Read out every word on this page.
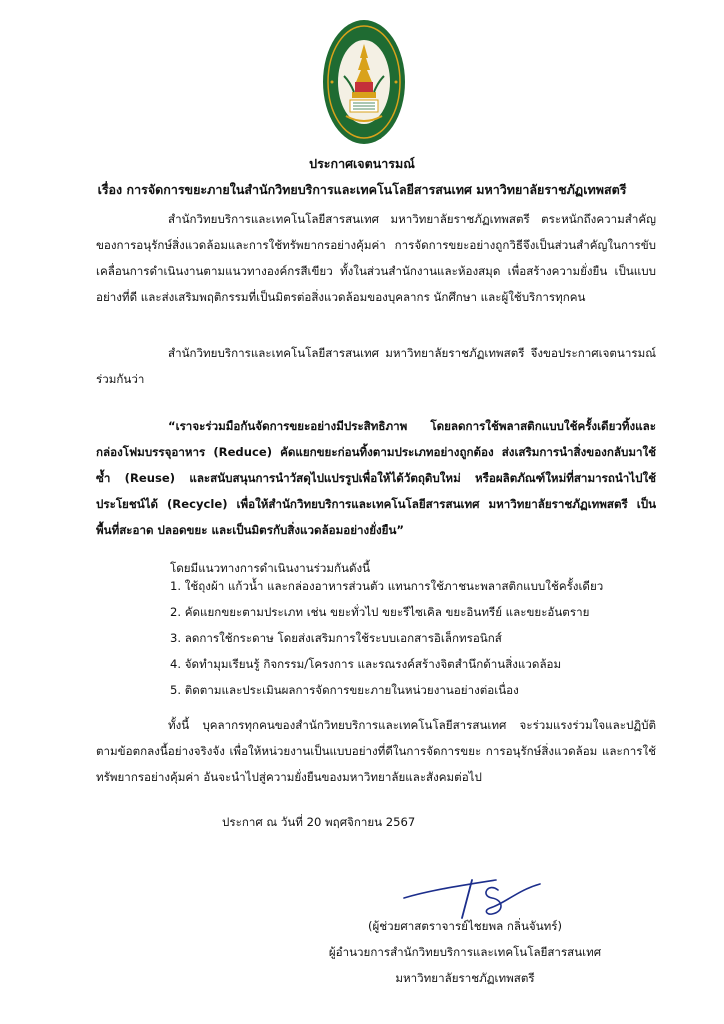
ประกาศเจตนารมณ์
เรื่อง การจัดการขยะภายในสำนักวิทยบริการและเทคโนโลยีสารสนเทศ มหาวิทยาลัยราชภัฏเทพสตรี
สำนักวิทยบริการและเทคโนโลยีสารสนเทศ มหาวิทยาลัยราชภัฏเทพสตรี ตระหนักถึงความสำคัญของการอนุรักษ์สิ่งแวดล้อมและการใช้ทรัพยากรอย่างคุ้มค่า การจัดการขยะอย่างถูกวิธีจึงเป็นส่วนสำคัญในการขับเคลื่อนการดำเนินงานตามแนวทางองค์กรสีเขียว ทั้งในส่วนสำนักงานและห้องสมุด เพื่อสร้างความยั่งยืน เป็นแบบอย่างที่ดี และส่งเสริมพฤติกรรมที่เป็นมิตรต่อสิ่งแวดล้อมของบุคลากร นักศึกษา และผู้ใช้บริการทุกคน
สำนักวิทยบริการและเทคโนโลยีสารสนเทศ มหาวิทยาลัยราชภัฏเทพสตรี จึงขอประกาศเจตนารมณ์ร่วมกันว่า
“เราจะร่วมมือกันจัดการขยะอย่างมีประสิทธิภาพ โดยลดการใช้พลาสติกแบบใช้ครั้งเดียวทิ้งและกล่องโฟมบรรจุอาหาร (Reduce) คัดแยกขยะก่อนทิ้งตามประเภทอย่างถูกต้อง ส่งเสริมการนำสิ่งของกลับมาใช้ซ้ำ (Reuse) และสนับสนุนการนำวัสดุไปแปรรูปเพื่อให้ได้วัตถุดิบใหม่ หรือผลิตภัณฑ์ใหม่ที่สามารถนำไปใช้ประโยชน์ได้ (Recycle) เพื่อให้สำนักวิทยบริการและเทคโนโลยีสารสนเทศ มหาวิทยาลัยราชภัฏเทพสตรี เป็นพื้นที่สะอาด ปลอดขยะ และเป็นมิตรกับสิ่งแวดล้อมอย่างยั่งยืน”
โดยมีแนวทางการดำเนินงานร่วมกันดังนี้
1. ใช้ถุงผ้า แก้วน้ำ และกล่องอาหารส่วนตัว แทนการใช้ภาชนะพลาสติกแบบใช้ครั้งเดียว
2. คัดแยกขยะตามประเภท เช่น ขยะทั่วไป ขยะรีไซเคิล ขยะอินทรีย์ และขยะอันตราย
3. ลดการใช้กระดาษ โดยส่งเสริมการใช้ระบบเอกสารอิเล็กทรอนิกส์
4. จัดทำมุมเรียนรู้ กิจกรรม/โครงการ และรณรงค์สร้างจิตสำนึกด้านสิ่งแวดล้อม
5. ติดตามและประเมินผลการจัดการขยะภายในหน่วยงานอย่างต่อเนื่อง
ทั้งนี้ บุคลากรทุกคนของสำนักวิทยบริการและเทคโนโลยีสารสนเทศ จะร่วมแรงร่วมใจและปฏิบัติตามข้อตกลงนี้อย่างจริงจัง เพื่อให้หน่วยงานเป็นแบบอย่างที่ดีในการจัดการขยะ การอนุรักษ์สิ่งแวดล้อม และการใช้ทรัพยากรอย่างคุ้มค่า อันจะนำไปสู่ความยั่งยืนของมหาวิทยาลัยและสังคมต่อไป
ประกาศ ณ วันที่ 20 พฤศจิกายน 2567
(ผู้ช่วยศาสตราจารย์ไชยพล กลิ่นจันทร์)
ผู้อำนวยการสำนักวิทยบริการและเทคโนโลยีสารสนเทศ
มหาวิทยาลัยราชภัฏเทพสตรี
